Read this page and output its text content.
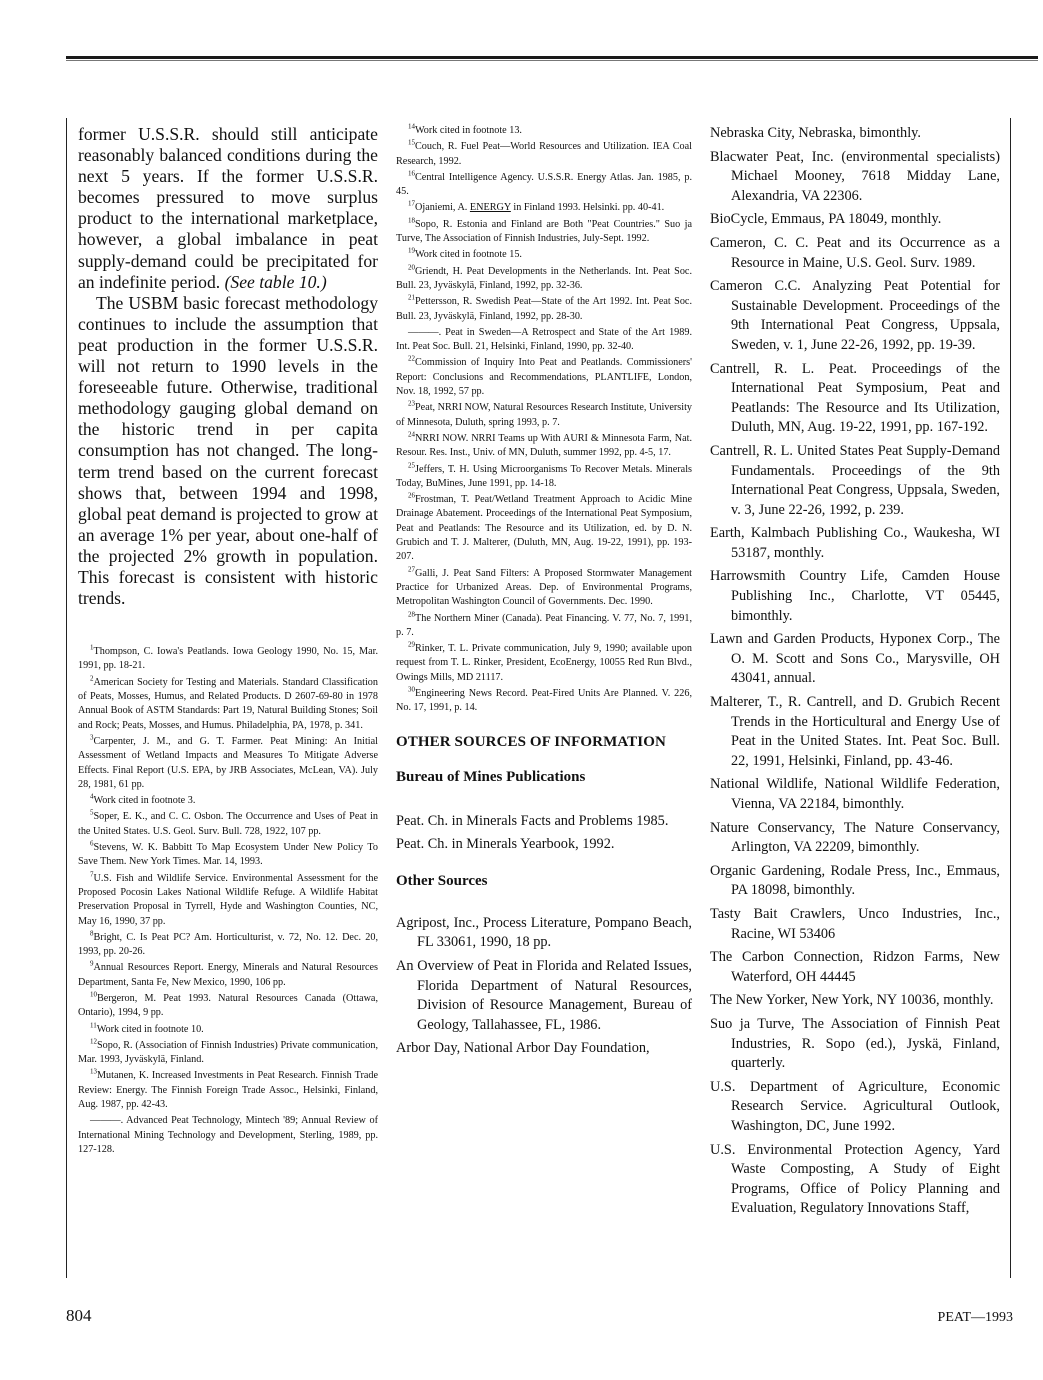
former U.S.S.R. should still anticipate reasonably balanced conditions during the next 5 years. If the former U.S.S.R. becomes pressured to move surplus product to the international marketplace, however, a global imbalance in peat supply-demand could be precipitated for an indefinite period. (See table 10.)

The USBM basic forecast methodology continues to include the assumption that peat production in the former U.S.S.R. will not return to 1990 levels in the foreseeable future. Otherwise, traditional methodology gauging global demand on the historic trend in per capita consumption has not changed. The long-term trend based on the current forecast shows that, between 1994 and 1998, global peat demand is projected to grow at an average 1% per year, about one-half of the projected 2% growth in population. This forecast is consistent with historic trends.

$^1$Thompson, C. Iowa's Peatlands. Iowa Geology 1990, No. 15, Mar. 1991, pp. 18-21.

$^2$American Society for Testing and Materials. Standard Classification of Peats, Mosses, Humus, and Related Products. D 2607-69-80 in 1978 Annual Book of ASTM Standards: Part 19, Natural Building Stones; Soil and Rock; Peats, Mosses, and Humus. Philadelphia, PA, 1978, p. 341.

$^3$Carpenter, J. M., and G. T. Farmer. Peat Mining: An Initial Assessment of Wetland Impacts and Measures To Mitigate Adverse Effects. Final Report (U.S. EPA, by JRB Associates, McLean, VA). July 28, 1981, 61 pp.

$^4$Work cited in footnote 3.

$^5$Soper, E. K., and C. C. Osbon. The Occurrence and Uses of Peat in the United States. U.S. Geol. Surv. Bull. 728, 1922, 107 pp.

$^6$Stevens, W. K. Babbitt To Map Ecosystem Under New Policy To Save Them. New York Times. Mar. 14, 1993.

$^7$U.S. Fish and Wildlife Service. Environmental Assessment for the Proposed Pocosin Lakes National Wildlife Refuge. A Wildlife Habitat Preservation Proposal in Tyrrell, Hyde and Washington Counties, NC, May 16, 1990, 37 pp.

$^8$Bright, C. Is Peat PC? Am. Horticulturist, v. 72, No. 12. Dec. 20, 1993, pp. 20-26.

$^9$Annual Resources Report. Energy, Minerals and Natural Resources Department, Santa Fe, New Mexico, 1990, 106 pp.

$^{10}$Bergeron, M. Peat 1993. Natural Resources Canada (Ottawa, Ontario), 1994, 9 pp.

$^{11}$Work cited in footnote 10.

$^{12}$Sopo, R. (Association of Finnish Industries) Private communication, Mar. 1993, Jyväskylä, Finland.

$^{13}$Mutanen, K. Increased Investments in Peat Research. Finnish Trade Review: Energy. The Finnish Foreign Trade Assoc., Helsinki, Finland, Aug. 1987, pp. 42-43.

———. Advanced Peat Technology, Mintech '89; Annual Review of International Mining Technology and Development, Sterling, 1989, pp. 127-128.

$^{14}$Work cited in footnote 13.

$^{15}$Couch, R. Fuel Peat—World Resources and Utilization. IEA Coal Research, 1992.

$^{16}$Central Intelligence Agency. U.S.S.R. Energy Atlas. Jan. 1985, p. 45.

$^{17}$Ojaniemi, A. ENERGY in Finland 1993. Helsinki. pp. 40-41.

$^{18}$Sopo, R. Estonia and Finland are Both "Peat Countries." Suo ja Turve, The Association of Finnish Industries, July-Sept. 1992.

$^{19}$Work cited in footnote 15.

$^{20}$Griendt, H. Peat Developments in the Netherlands. Int. Peat Soc. Bull. 23, Jyväskylä, Finland, 1992, pp. 32-36.

$^{21}$Pettersson, R. Swedish Peat—State of the Art 1992. Int. Peat Soc. Bull. 23, Jyväskylä, Finland, 1992, pp. 28-30.

———. Peat in Sweden—A Retrospect and State of the Art 1989. Int. Peat Soc. Bull. 21, Helsinki, Finland, 1990, pp. 32-40.

$^{22}$Commission of Inquiry Into Peat and Peatlands. Commissioners' Report: Conclusions and Recommendations, PLANTLIFE, London, Nov. 18, 1992, 57 pp.

$^{23}$Peat, NRRI NOW, Natural Resources Research Institute, University of Minnesota, Duluth, spring 1993, p. 7.

$^{24}$NRRI NOW. NRRI Teams up With AURI & Minnesota Farm, Nat. Resour. Res. Inst., Univ. of MN, Duluth, summer 1992, pp. 4-5, 17.

$^{25}$Jeffers, T. H. Using Microorganisms To Recover Metals. Minerals Today, BuMines, June 1991, pp. 14-18.

$^{26}$Frostman, T. Peat/Wetland Treatment Approach to Acidic Mine Drainage Abatement. Proceedings of the International Peat Symposium, Peat and Peatlands: The Resource and its Utilization, ed. by D. N. Grubich and T. J. Malterer, (Duluth, MN, Aug. 19-22, 1991), pp. 193-207.

$^{27}$Galli, J. Peat Sand Filters: A Proposed Stormwater Management Practice for Urbanized Areas. Dep. of Environmental Programs, Metropolitan Washington Council of Governments. Dec. 1990.

$^{28}$The Northern Miner (Canada). Peat Financing. V. 77, No. 7, 1991, p. 7.

$^{29}$Rinker, T. L. Private communication, July 9, 1990; available upon request from T. L. Rinker, President, EcoEnergy, 10055 Red Run Blvd., Owings Mills, MD 21117.

$^{30}$Engineering News Record. Peat-Fired Units Are Planned. V. 226, No. 17, 1991, p. 14.

OTHER SOURCES OF INFORMATION
Bureau of Mines Publications

Peat. Ch. in Minerals Facts and Problems 1985.

Peat. Ch. in Minerals Yearbook, 1992.

Other Sources

Agripost, Inc., Process Literature, Pompano Beach, FL 33061, 1990, 18 pp.

An Overview of Peat in Florida and Related Issues, Florida Department of Natural Resources, Division of Resource Management, Bureau of Geology, Tallahassee, FL, 1986.

Arbor Day, National Arbor Day Foundation,

Nebraska City, Nebraska, bimonthly.

Blacwater Peat, Inc. (environmental specialists) Michael Mooney, 7618 Midday Lane, Alexandria, VA 22306.

BioCycle, Emmaus, PA 18049, monthly.

Cameron, C. C. Peat and its Occurrence as a Resource in Maine, U.S. Geol. Surv. 1989.

Cameron C.C. Analyzing Peat Potential for Sustainable Development. Proceedings of the 9th International Peat Congress, Uppsala, Sweden, v. 1, June 22-26, 1992, pp. 19-39.

Cantrell, R. L. Peat. Proceedings of the International Peat Symposium, Peat and Peatlands: The Resource and Its Utilization, Duluth, MN, Aug. 19-22, 1991, pp. 167-192.

Cantrell, R. L. United States Peat Supply-Demand Fundamentals. Proceedings of the 9th International Peat Congress, Uppsala, Sweden, v. 3, June 22-26, 1992, p. 239.

Earth, Kalmbach Publishing Co., Waukesha, WI 53187, monthly.

Harrowsmith Country Life, Camden House Publishing Inc., Charlotte, VT 05445, bimonthly.

Lawn and Garden Products, Hyponex Corp., The O. M. Scott and Sons Co., Marysville, OH 43041, annual.

Malterer, T., R. Cantrell, and D. Grubich Recent Trends in the Horticultural and Energy Use of Peat in the United States. Int. Peat Soc. Bull. 22, 1991, Helsinki, Finland, pp. 43-46.

National Wildlife, National Wildlife Federation, Vienna, VA 22184, bimonthly.

Nature Conservancy, The Nature Conservancy, Arlington, VA 22209, bimonthly.

Organic Gardening, Rodale Press, Inc., Emmaus, PA 18098, bimonthly.

Tasty Bait Crawlers, Unco Industries, Inc., Racine, WI 53406

The Carbon Connection, Ridzon Farms, New Waterford, OH 44445

The New Yorker, New York, NY 10036, monthly.

Suo ja Turve, The Association of Finnish Peat Industries, R. Sopo (ed.), Jyskä, Finland, quarterly.

U.S. Department of Agriculture, Economic Research Service. Agricultural Outlook, Washington, DC, June 1992.

U.S. Environmental Protection Agency, Yard Waste Composting, A Study of Eight Programs, Office of Policy Planning and Evaluation, Regulatory Innovations Staff,

804	PEAT—1993
